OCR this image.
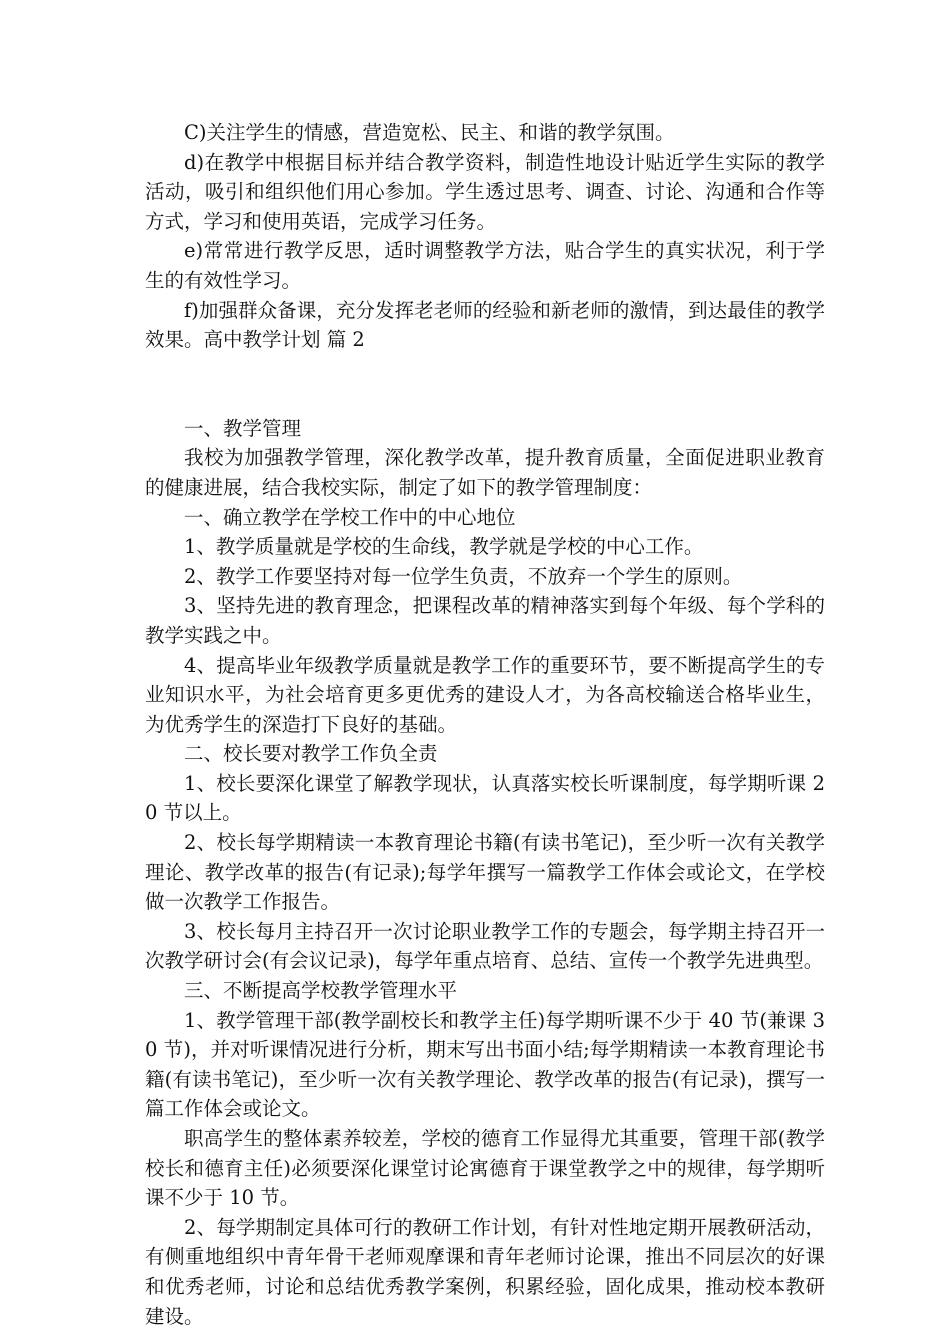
C)关注学生的情感，营造宽松、民主、和谐的教学氛围。

d)在教学中根据目标并结合教学资料，制造性地设计贴近学生实际的教学活动，吸引和组织他们用心参加。学生透过思考、调查、讨论、沟通和合作等方式，学习和使用英语，完成学习任务。

e)常常进行教学反思，适时调整教学方法，贴合学生的真实状况，利于学生的有效性学习。

f)加强群众备课，充分发挥老老师的经验和新老师的激情，到达最佳的教学效果。高中教学计划 篇 2

一、教学管理

我校为加强教学管理，深化教学改革，提升教育质量，全面促进职业教育的健康进展，结合我校实际，制定了如下的教学管理制度：

一、确立教学在学校工作中的中心地位

1、教学质量就是学校的生命线，教学就是学校的中心工作。

2、教学工作要坚持对每一位学生负责，不放弃一个学生的原则。

3、坚持先进的教育理念，把课程改革的精神落实到每个年级、每个学科的教学实践之中。

4、提高毕业年级教学质量就是教学工作的重要环节，要不断提高学生的专业知识水平，为社会培育更多更优秀的建设人才，为各高校输送合格毕业生，为优秀学生的深造打下良好的基础。

二、校长要对教学工作负全责

1、校长要深化课堂了解教学现状，认真落实校长听课制度，每学期听课 20 节以上。

2、校长每学期精读一本教育理论书籍(有读书笔记)，至少听一次有关教学理论、教学改革的报告(有记录);每学年撰写一篇教学工作体会或论文，在学校做一次教学工作报告。

3、校长每月主持召开一次讨论职业教学工作的专题会，每学期主持召开一次教学研讨会(有会议记录)，每学年重点培育、总结、宣传一个教学先进典型。

三、不断提高学校教学管理水平

1、教学管理干部(教学副校长和教学主任)每学期听课不少于 40 节(兼课 30 节)，并对听课情况进行分析，期末写出书面小结;每学期精读一本教育理论书籍(有读书笔记)，至少听一次有关教学理论、教学改革的报告(有记录)，撰写一篇工作体会或论文。

职高学生的整体素养较差，学校的德育工作显得尤其重要，管理干部(教学校长和德育主任)必须要深化课堂讨论寓德育于课堂教学之中的规律，每学期听课不少于 10 节。

2、每学期制定具体可行的教研工作计划，有针对性地定期开展教研活动，有侧重地组织中青年骨干老师观摩课和青年老师讨论课，推出不同层次的好课和优秀老师，讨论和总结优秀教学案例，积累经验，固化成果，推动校本教研建设。
